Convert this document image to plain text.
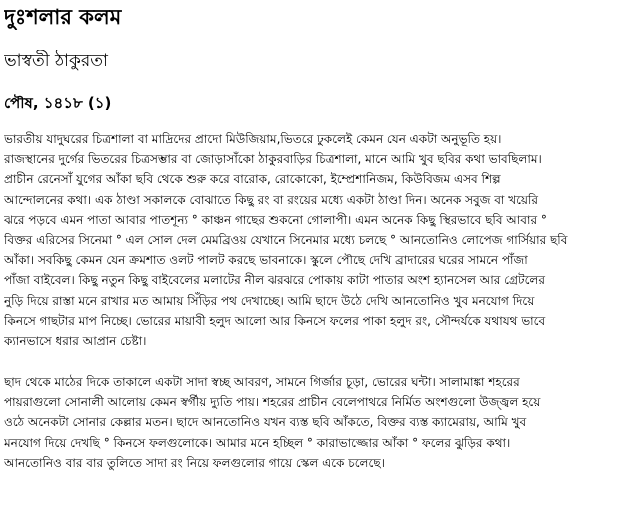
দুঃশলার কলম
ভাস্বতী ঠাকুরতা
পৌষ, ১৪১৮ (১)

ভারতীয় যাদুঘরের চিত্রশালা বা মাদ্রিদের প্রাদো মিউজিয়াম,ভিতরে ঢুকলেই কেমন যেন একটা অনুভূতি হয়।
রাজস্থানের দুর্গের ভিতরের চিত্রসম্ভার বা জোড়াসাঁকো ঠাকুরবাড়ির চিত্রশালা, মানে আমি খুব ছবির কথা ভাবছিলাম।
প্রাচীন রেনেসাঁ যুগের আঁকা ছবি থেকে শুরু করে বারোক, রোকোকো, ইম্প্রেশানিজম, কিউবিজম এসব শিল্প
আন্দোলনের কথা। এক ঠাণ্ডা সকালকে বোঝাতে কিছু রং বা রংয়ের মধ্যে একটা ঠাণ্ডা দিন। অনেক সবুজ বা খয়েরি
ঝরে পড়বে এমন পাতা আবার পাতশূন্য ° কাঞ্চন গাছের শুকনো গোলাপী। এমন অনেক কিছু স্থিরভাবে ছবি আবার °
বিক্তর এরিসের সিনেমা ° এল সোল দেল মেমব্রিওয় যেখানে সিনেমার মধ্যে চলছে ° আনতোনিও লোপেজ গার্সিয়ার ছবি
আঁকা। সবকিছু কেমন যেন ক্রমশাত ওলট পালট করছে ভাবনাকে। স্কুলে পৌছে দেখি ব্রাদারের ঘরের সামনে পাঁজা
পাঁজা বাইবেল। কিছু নতুন কিছু বাইবেলের মলাটের নীল ঝরঝরে পোকায় কাটা পাতার অংশ হ্যানসেল আর গ্রেটলের
নুড়ি দিয়ে রাস্তা মনে রাখার মত আমায় সিঁড়ির পথ দেখাচ্ছে। আমি ছাদে উঠে দেখি আনতোনিও খুব মনযোগ দিয়ে
কিনসে গাছটার মাপ নিচ্ছে। ভোরের মায়াবী হলুদ আলো আর কিনসে ফলের পাকা হলুদ রং, সৌন্দর্যকে যথাযথ ভাবে
ক্যানভাসে ধরার আপ্রান চেষ্টা।

ছাদ থেকে মাঠের দিকে তাকালে একটা সাদা স্বচ্ছ আবরণ, সামনে গির্জার চূড়া, ভোরের ঘন্টা। সালামাঙ্কা শহরের
পায়রাগুলো সোনালী আলোয় কেমন স্বর্গীয় দ্যুতি পায়। শহরের প্রাচীন বেলেপাথরে নির্মিত অংশগুলো উজ্জ্বল হয়ে
ওঠে অনেকটা সোনার কেল্লার মতন। ছাদে আনতোনিও যখন ব্যস্ত ছবি আঁকতে, বিক্তর ব্যস্ত ক্যামেরায়, আমি খুব
মনযোগ দিয়ে দেখছি ° কিনসে ফলগুলোকে। আমার মনে হচ্ছিল ° কারাভাজ্জোর আঁকা ° ফলের ঝুড়ির কথা।
আনতোনিও বার বার তুলিতে সাদা রং নিয়ে ফলগুলোর গায়ে স্কেল একে চলেছে।
